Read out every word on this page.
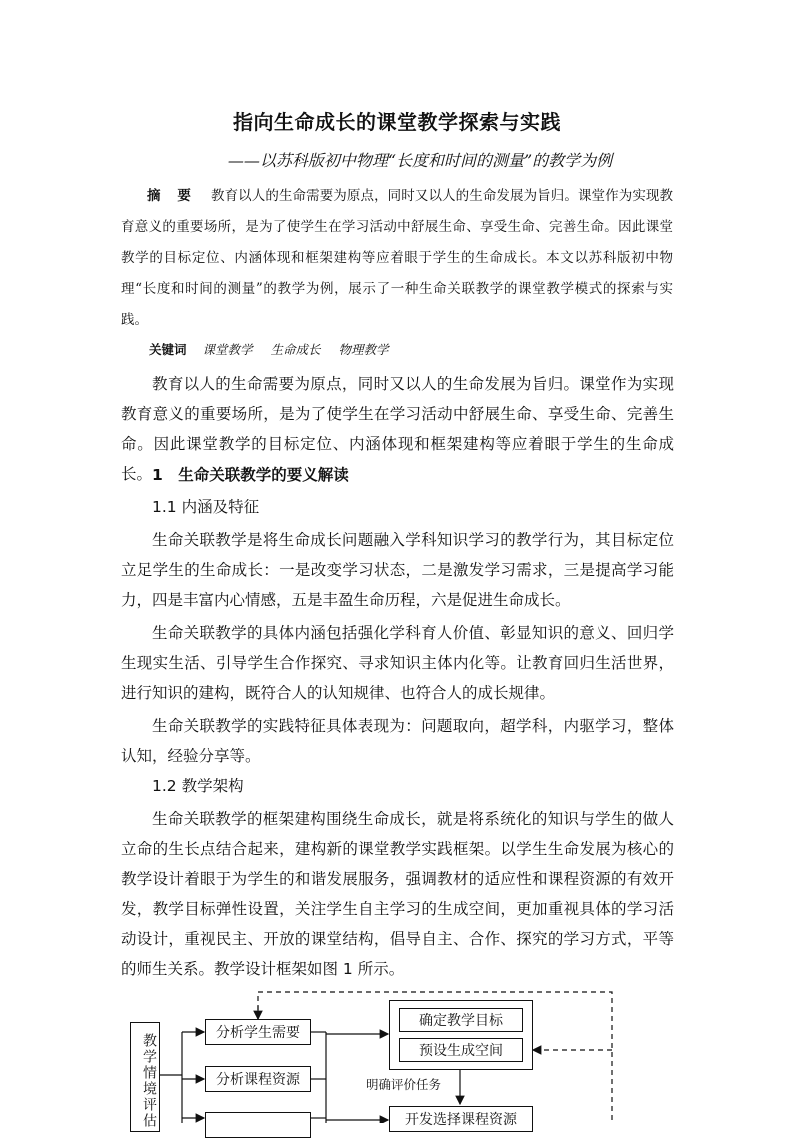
指向生命成长的课堂教学探索与实践
——以苏科版初中物理“长度和时间的测量”的教学为例
摘 要 教育以人的生命需要为原点，同时又以人的生命发展为旨归。课堂作为实现教育意义的重要场所，是为了使学生在学习活动中舒展生命、享受生命、完善生命。因此课堂教学的目标定位、内涵体现和框架建构等应着眼于学生的生命成长。本文以苏科版初中物理“长度和时间的测量”的教学为例，展示了一种生命关联教学的课堂教学模式的探索与实践。
关键词 课堂教学 生命成长 物理教学
教育以人的生命需要为原点，同时又以人的生命发展为旨归。课堂作为实现教育意义的重要场所，是为了使学生在学习活动中舒展生命、享受生命、完善生命。因此课堂教学的目标定位、内涵体现和框架建构等应着眼于学生的生命成长。 1　生命关联教学的要义解读
1.1 内涵及特征
生命关联教学是将生命成长问题融入学科知识学习的教学行为，其目标定位立足学生的生命成长：一是改变学习状态，二是激发学习需求，三是提高学习能力，四是丰富内心情感，五是丰盈生命历程，六是促进生命成长。
生命关联教学的具体内涵包括强化学科育人价值、彰显知识的意义、回归学生现实生活、引导学生合作探究、寻求知识主体内化等。让教育回归生活世界，进行知识的建构，既符合人的认知规律、也符合人的成长规律。
生命关联教学的实践特征具体表现为：问题取向，超学科，内驱学习，整体认知，经验分享等。
1.2 教学架构
生命关联教学的框架建构围绕生命成长，就是将系统化的知识与学生的做人立命的生长点结合起来，建构新的课堂教学实践框架。以学生生命发展为核心的教学设计着眼于为学生的和谐发展服务，强调教材的适应性和课程资源的有效开发，教学目标弹性设置，关注学生自主学习的生成空间，更加重视具体的学习活动设计，重视民主、开放的课堂结构，倡导自主、合作、探究的学习方式，平等的师生关系。教学设计框架如图 1 所示。
教学情境评估	分析学生需要
分析课程资源
确定教学目标
预设生成空间
明确评价任务
开发选择课程资源
